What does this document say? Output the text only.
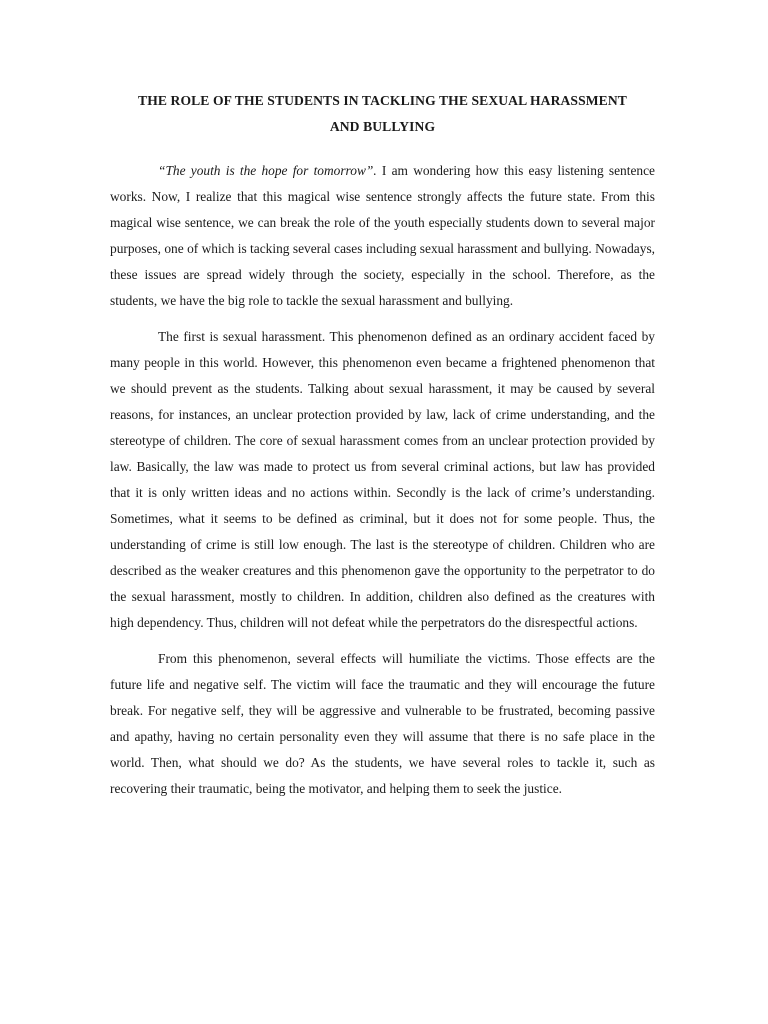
THE ROLE OF THE STUDENTS IN TACKLING THE SEXUAL HARASSMENT
AND BULLYING

“The youth is the hope for tomorrow”. I am wondering how this easy listening sentence works. Now, I realize that this magical wise sentence strongly affects the future state. From this magical wise sentence, we can break the role of the youth especially students down to several major purposes, one of which is tacking several cases including sexual harassment and bullying. Nowadays, these issues are spread widely through the society, especially in the school. Therefore, as the students, we have the big role to tackle the sexual harassment and bullying.

The first is sexual harassment. This phenomenon defined as an ordinary accident faced by many people in this world. However, this phenomenon even became a frightened phenomenon that we should prevent as the students. Talking about sexual harassment, it may be caused by several reasons, for instances, an unclear protection provided by law, lack of crime understanding, and the stereotype of children. The core of sexual harassment comes from an unclear protection provided by law. Basically, the law was made to protect us from several criminal actions, but law has provided that it is only written ideas and no actions within. Secondly is the lack of crime’s understanding. Sometimes, what it seems to be defined as criminal, but it does not for some people. Thus, the understanding of crime is still low enough. The last is the stereotype of children. Children who are described as the weaker creatures and this phenomenon gave the opportunity to the perpetrator to do the sexual harassment, mostly to children. In addition, children also defined as the creatures with high dependency. Thus, children will not defeat while the perpetrators do the disrespectful actions.

From this phenomenon, several effects will humiliate the victims. Those effects are the future life and negative self. The victim will face the traumatic and they will encourage the future break. For negative self, they will be aggressive and vulnerable to be frustrated, becoming passive and apathy, having no certain personality even they will assume that there is no safe place in the world. Then, what should we do? As the students, we have several roles to tackle it, such as recovering their traumatic, being the motivator, and helping them to seek the justice.
